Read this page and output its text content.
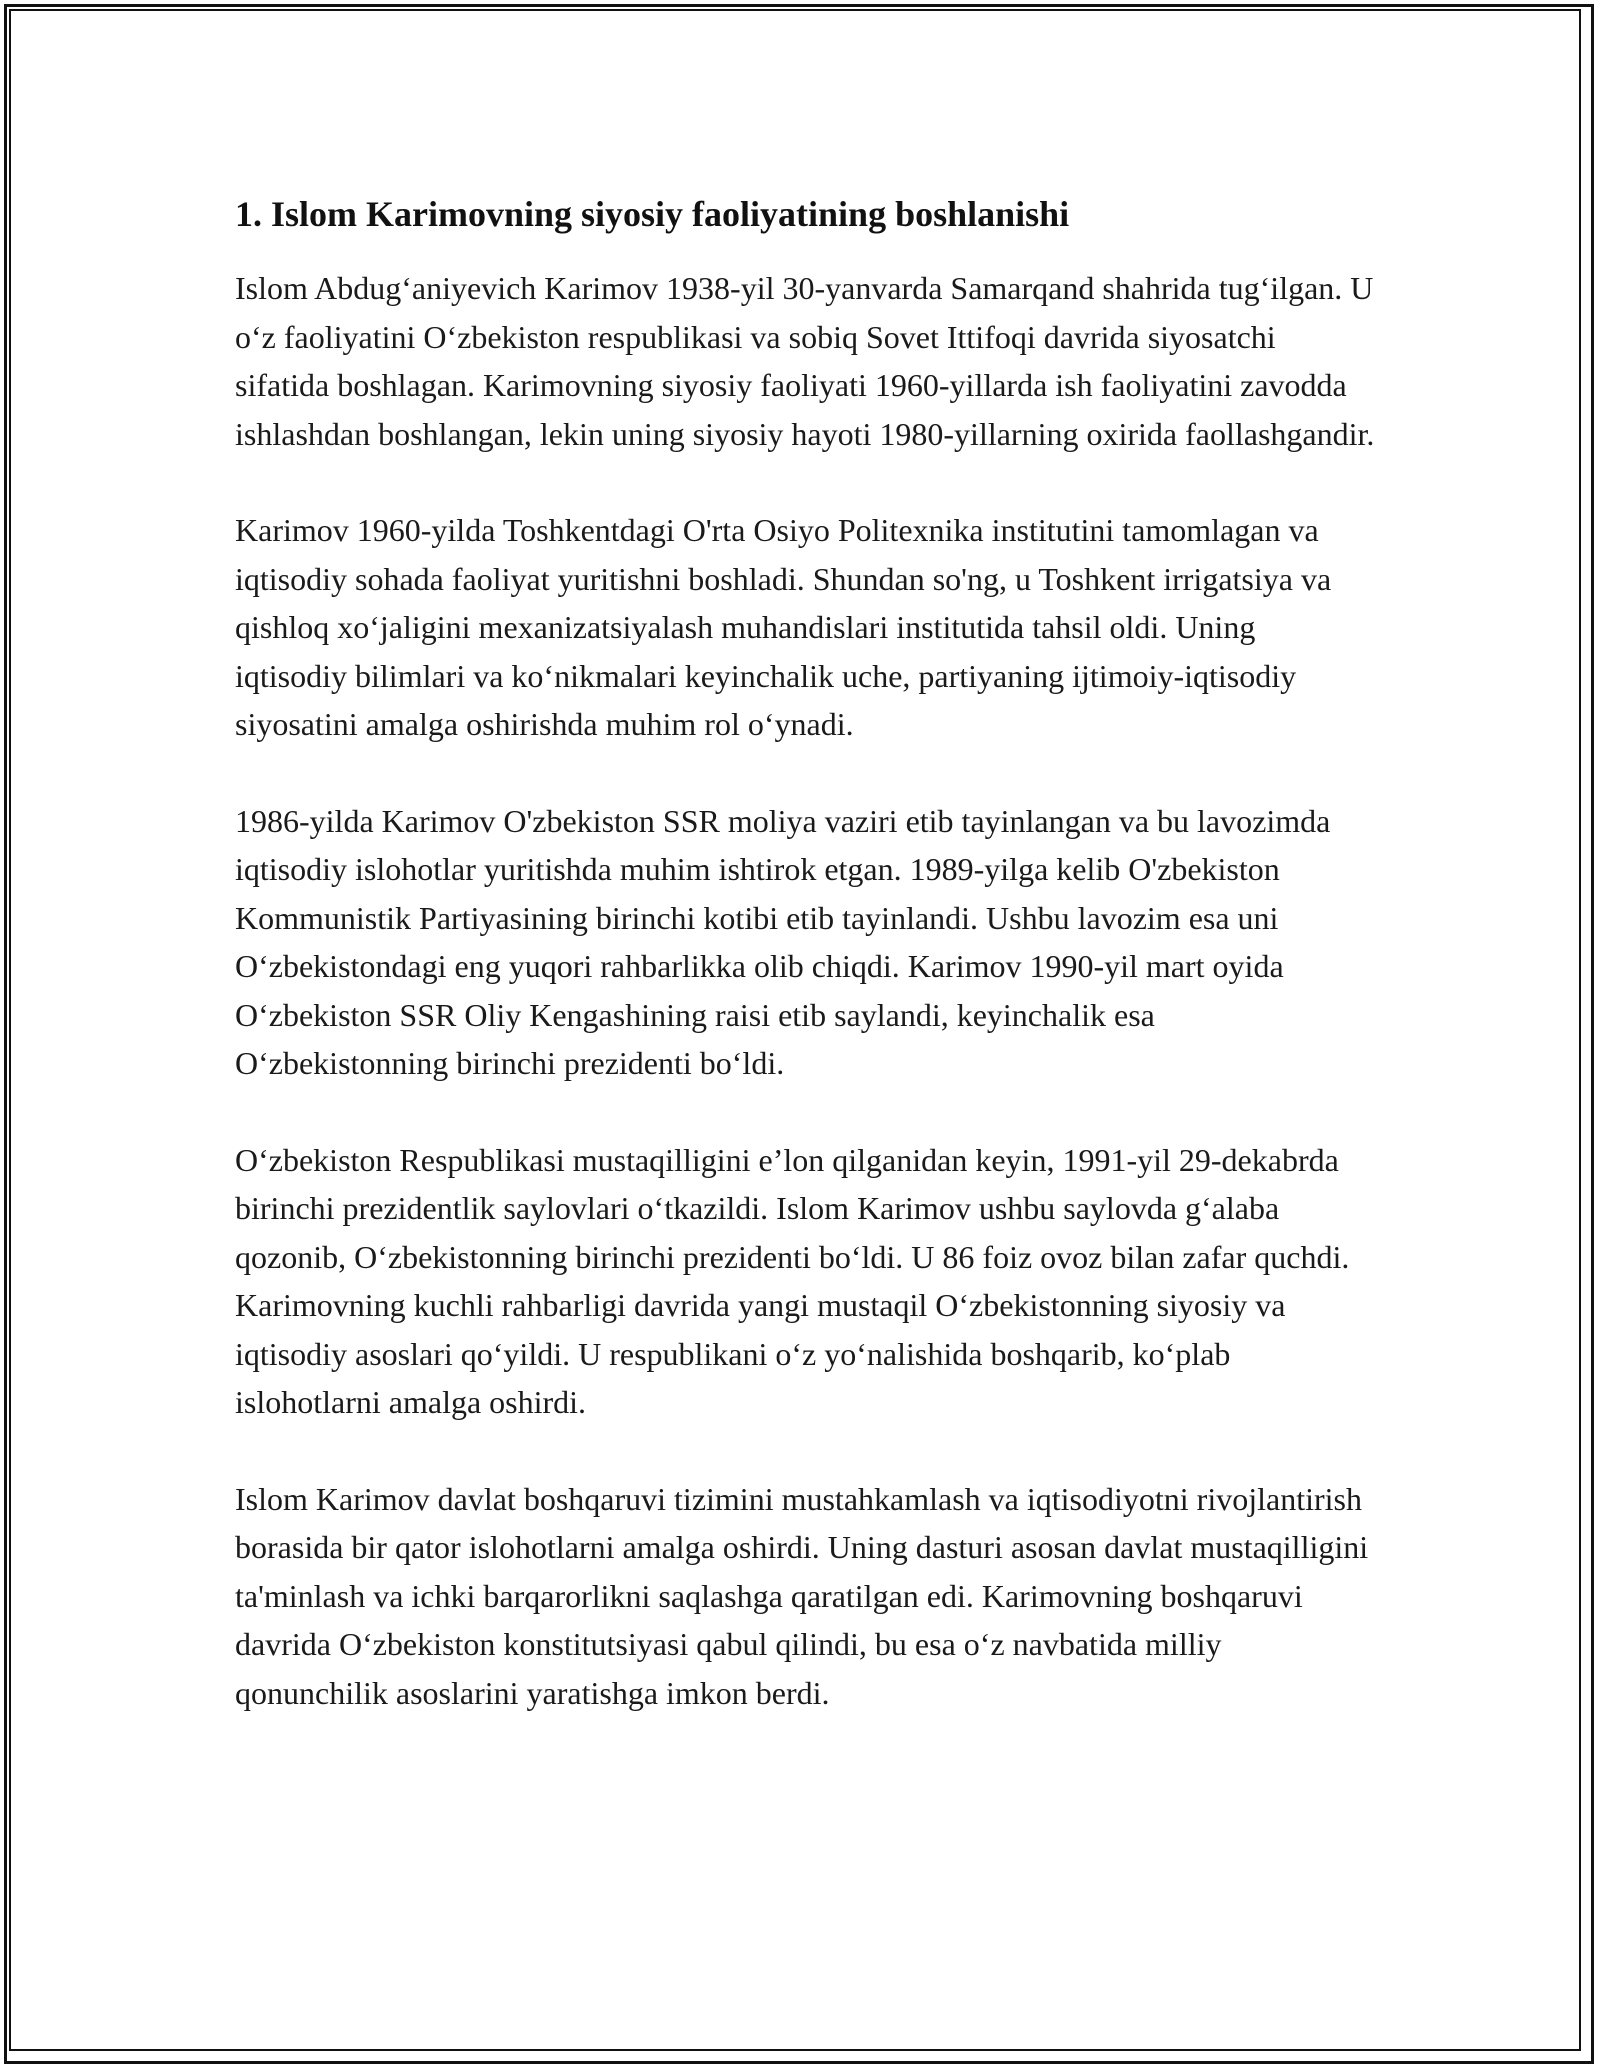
1. Islom Karimovning siyosiy faoliyatining boshlanishi

Islom Abdugʻaniyevich Karimov 1938-yil 30-yanvarda Samarqand shahrida tugʻilgan. U oʻz faoliyatini Oʻzbekiston respublikasi va sobiq Sovet Ittifoqi davrida siyosatchi sifatida boshlagan. Karimovning siyosiy faoliyati 1960-yillarda ish faoliyatini zavodda ishlashdan boshlangan, lekin uning siyosiy hayoti 1980-yillarning oxirida faollashgandir.

Karimov 1960-yilda Toshkentdagi O'rta Osiyo Politexnika institutini tamomlagan va iqtisodiy sohada faoliyat yuritishni boshladi. Shundan so'ng, u Toshkent irrigatsiya va qishloq xoʻjaligini mexanizatsiyalash muhandislari institutida tahsil oldi. Uning iqtisodiy bilimlari va koʻnikmalari keyinchalik uche, partiyaning ijtimoiy-iqtisodiy siyosatini amalga oshirishda muhim rol oʻynadi.

1986-yilda Karimov O'zbekiston SSR moliya vaziri etib tayinlangan va bu lavozimda iqtisodiy islohotlar yuritishda muhim ishtirok etgan. 1989-yilga kelib O'zbekiston Kommunistik Partiyasining birinchi kotibi etib tayinlandi. Ushbu lavozim esa uni Oʻzbekistondagi eng yuqori rahbarlikka olib chiqdi. Karimov 1990-yil mart oyida Oʻzbekiston SSR Oliy Kengashining raisi etib saylandi, keyinchalik esa Oʻzbekistonning birinchi prezidenti boʻldi.

Oʻzbekiston Respublikasi mustaqilligini e’lon qilganidan keyin, 1991-yil 29-dekabrda birinchi prezidentlik saylovlari oʻtkazildi. Islom Karimov ushbu saylovda gʻalaba qozonib, Oʻzbekistonning birinchi prezidenti boʻldi. U 86 foiz ovoz bilan zafar quchdi. Karimovning kuchli rahbarligi davrida yangi mustaqil Oʻzbekistonning siyosiy va iqtisodiy asoslari qoʻyildi. U respublikani oʻz yoʻnalishida boshqarib, koʻplab islohotlarni amalga oshirdi.

Islom Karimov davlat boshqaruvi tizimini mustahkamlash va iqtisodiyotni rivojlantirish borasida bir qator islohotlarni amalga oshirdi. Uning dasturi asosan davlat mustaqilligini ta'minlash va ichki barqarorlikni saqlashga qaratilgan edi. Karimovning boshqaruvi davrida Oʻzbekiston konstitutsiyasi qabul qilindi, bu esa oʻz navbatida milliy qonunchilik asoslarini yaratishga imkon berdi.
